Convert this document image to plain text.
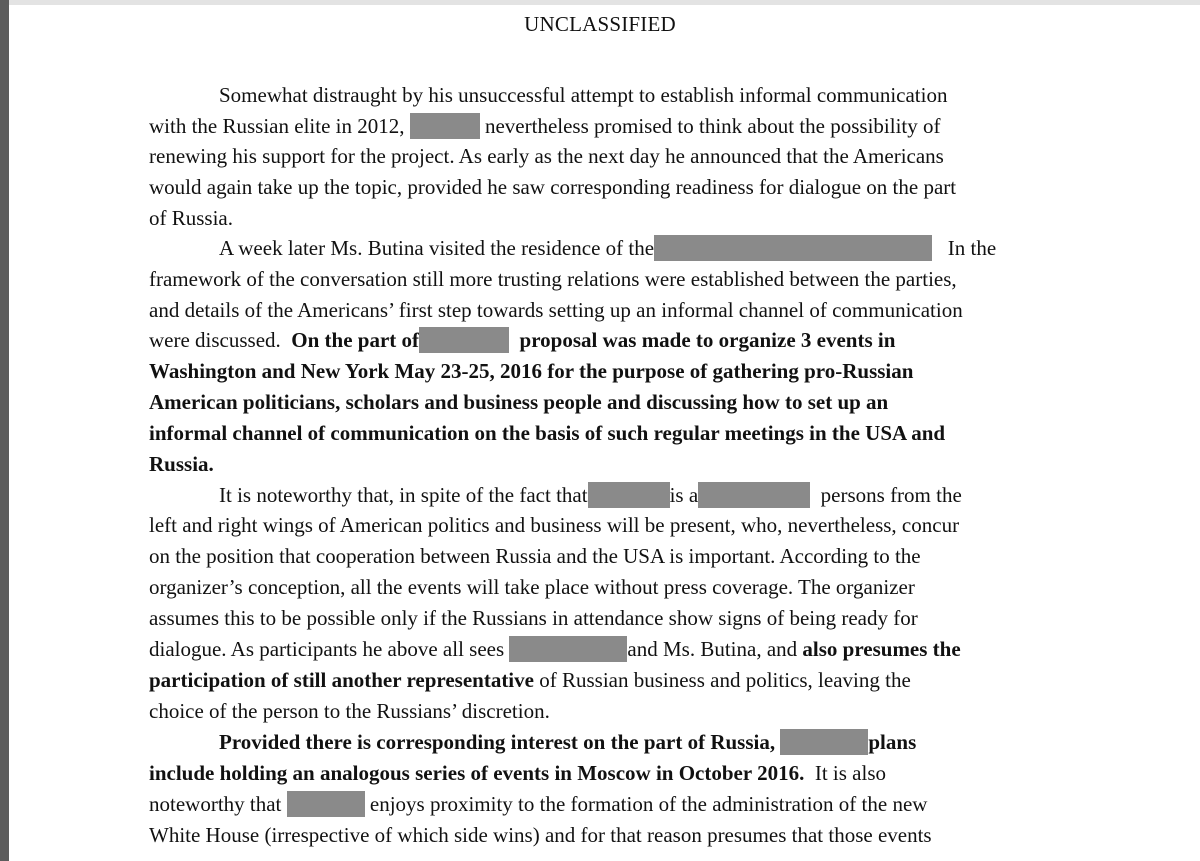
UNCLASSIFIED
Somewhat distraught by his unsuccessful attempt to establish informal communication
with the Russian elite in 2012,	nevertheless promised to think about the possibility of
renewing his support for the project. As early as the next day he announced that the Americans
would again take up the topic, provided he saw corresponding readiness for dialogue on the part
of Russia.
A week later Ms. Butina visited the residence of the	In the
framework of the conversation still more trusting relations were established between the parties,
and details of the Americans’ first step towards setting up an informal channel of communication
were discussed. On the part of	proposal was made to organize 3 events in
Washington and New York May 23-25, 2016 for the purpose of gathering pro-Russian
American politicians, scholars and business people and discussing how to set up an
informal channel of communication on the basis of such regular meetings in the USA and
Russia.
It is noteworthy that, in spite of the fact that	is a	persons from the
left and right wings of American politics and business will be present, who, nevertheless, concur
on the position that cooperation between Russia and the USA is important. According to the
organizer’s conception, all the events will take place without press coverage. The organizer
assumes this to be possible only if the Russians in attendance show signs of being ready for
dialogue. As participants he above all sees	and Ms. Butina, and also presumes the
participation of still another representative of Russian business and politics, leaving the
choice of the person to the Russians’ discretion.
Provided there is corresponding interest on the part of Russia,	plans
include holding an analogous series of events in Moscow in October 2016. It is also
noteworthy that	enjoys proximity to the formation of the administration of the new
White House (irrespective of which side wins) and for that reason presumes that those events
